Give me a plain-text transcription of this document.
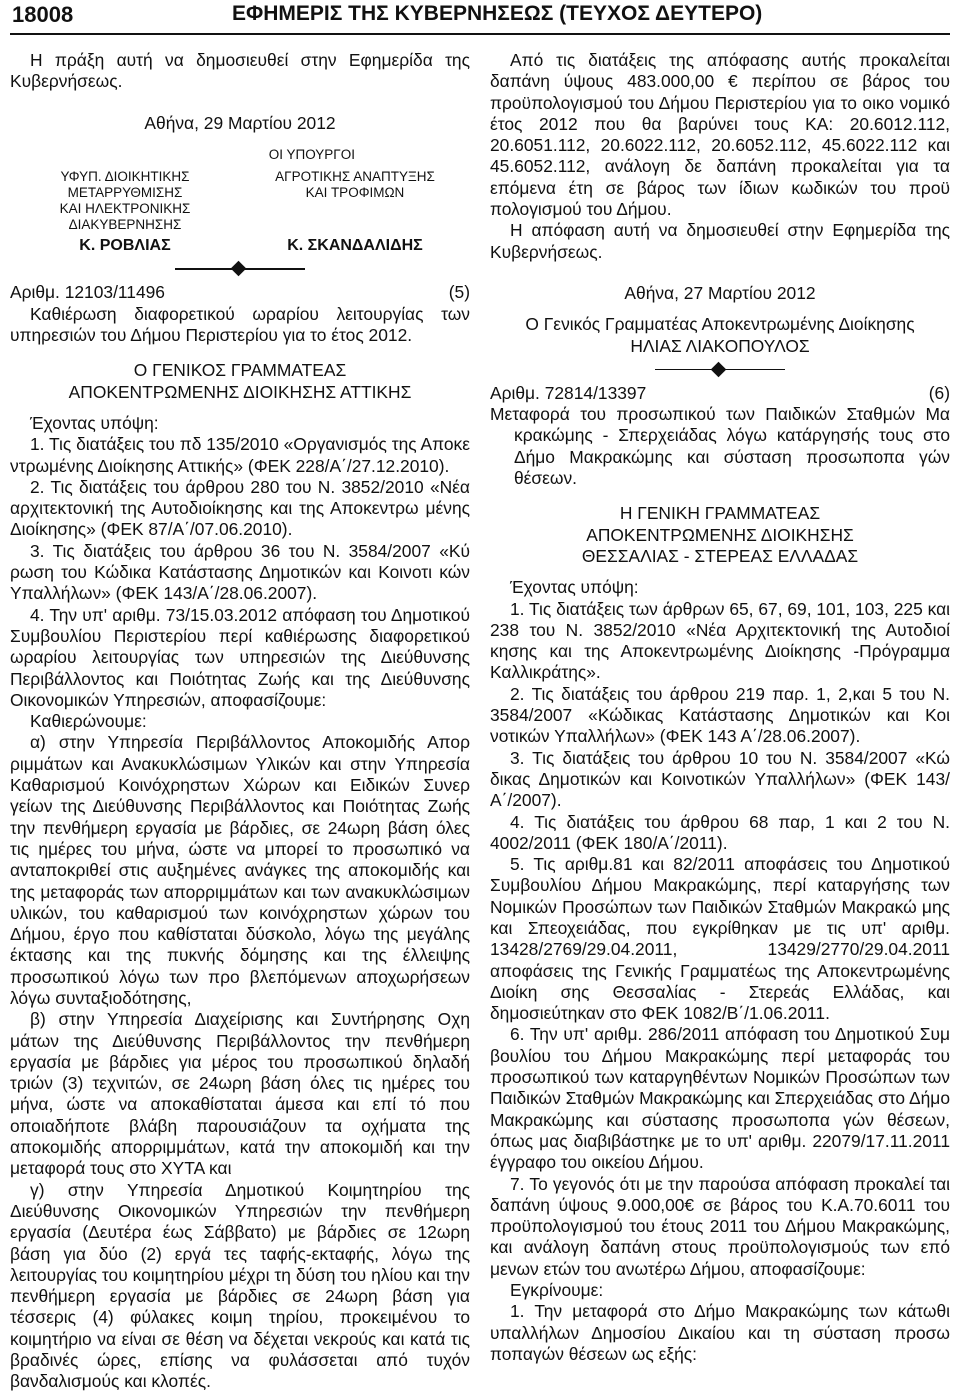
18008	ΕΦΗΜΕΡΙΣ ΤΗΣ ΚΥΒΕΡΝΗΣΕΩΣ (ΤΕΥΧΟΣ ΔΕΥΤΕΡΟ)

Η πράξη αυτή να δημοσιευθεί στην Εφημερίδα της Κυβερνήσεως.

Αθήνα, 29 Μαρτίου 2012

ΟΙ ΥΠΟΥΡΓΟΙ

ΥΦΥΠ. ΔΙΟΙΚΗΤΙΚΗΣ ΜΕΤΑΡΡΥΘΜΙΣΗΣ
ΚΑΙ ΗΛΕΚΤΡΟΝΙΚΗΣ ΔΙΑΚΥΒΕΡΝΗΣΗΣ
ΑΓΡΟΤΙΚΗΣ ΑΝΑΠΤΥΞΗΣ
ΚΑΙ ΤΡΟΦΙΜΩΝ
Κ. ΡΟΒΛΙΑΣ	Κ. ΣΚΑΝΔΑΛΙΔΗΣ

Αριθμ. 12103/11496	(5)

Καθιέρωση διαφορετικού ωραρίου λειτουργίας των υπηρεσιών του Δήμου Περιστερίου για το έτος 2012.

Ο ΓΕΝΙΚΟΣ ΓΡΑΜΜΑΤΕΑΣ
ΑΠΟΚΕΝΤΡΩΜΕΝΗΣ ΔΙΟΙΚΗΣΗΣ ΑΤΤΙΚΗΣ

Έχοντας υπόψη:

1. Τις διατάξεις του πδ 135/2010 «Οργανισμός της Αποκε ντρωμένης Διοίκησης Αττικής» (ΦΕΚ 228/Α΄/27.12.2010).

2. Τις διατάξεις του άρθρου 280 του Ν. 3852/2010 «Νέα αρχιτεκτονική της Αυτοδιοίκησης και της Αποκεντρω μένης Διοίκησης» (ΦΕΚ 87/Α΄/07.06.2010).

3. Τις διατάξεις του άρθρου 36 του Ν. 3584/2007 «Κύ ρωση του Κώδικα Κατάστασης Δημοτικών και Κοινοτι κών Υπαλλήλων» (ΦΕΚ 143/Α΄/28.06.2007).

4. Την υπ' αριθμ. 73/15.03.2012 απόφαση του Δημοτικού Συμβουλίου Περιστερίου περί καθιέρωσης διαφορετικού ωραρίου λειτουργίας των υπηρεσιών της Διεύθυνσης Περιβάλλοντος και Ποιότητας Ζωής και της Διεύθυνσης Οικονομικών Υπηρεσιών, αποφασίζουμε:

Καθιερώνουμε:

α) στην Υπηρεσία Περιβάλλοντος Αποκομιδής Απορ ριμμάτων και Ανακυκλώσιμων Υλικών και στην Υπηρεσία Καθαρισμού Κοινόχρηστων Χώρων και Ειδικών Συνερ γείων της Διεύθυνσης Περιβάλλοντος και Ποιότητας Ζωής την πενθήμερη εργασία με βάρδιες, σε 24ωρη βάση όλες τις ημέρες του μήνα, ώστε να μπορεί το προσωπικό να ανταποκριθεί στις αυξημένες ανάγκες της αποκομιδής και της μεταφοράς των απορριμμάτων και των ανακυκλώσιμων υλικών, του καθαρισμού των κοινόχρηστων χώρων του Δήμου, έργο που καθίσταται δύσκολο, λόγω της μεγάλης έκτασης και της πυκνής δόμησης και της έλλειψης προσωπικού λόγω των προ βλεπόμενων αποχωρήσεων λόγω συνταξιοδότησης,

β) στην Υπηρεσία Διαχείρισης και Συντήρησης Οχη μάτων της Διεύθυνσης Περιβάλλοντος την πενθήμερη εργασία με βάρδιες για μέρος του προσωπικού δηλαδή τριών (3) τεχνιτών, σε 24ωρη βάση όλες τις ημέρες του μήνα, ώστε να αποκαθίσταται άμεσα και επί τό που οποιαδήποτε βλάβη παρουσιάζουν τα οχήματα της αποκομιδής απορριμμάτων, κατά την αποκομιδή και την μεταφορά τους στο ΧΥΤΑ και

γ) στην Υπηρεσία Δημοτικού Κοιμητηρίου της Διεύθυνσης Οικονομικών Υπηρεσιών την πενθήμερη εργασία (Δευτέρα έως Σάββατο) με βάρδιες σε 12ωρη βάση για δύο (2) εργά τες ταφής-εκταφής, λόγω της λειτουργίας του κοιμητηρίου μέχρι τη δύση του ηλίου και την πενθήμερη εργασία με βάρδιες σε 24ωρη βάση για τέσσερις (4) φύλακες κοιμη τηρίου, προκειμένου το κοιμητήριο να είναι σε θέση να δέχεται νεκρούς και κατά τις βραδινές ώρες, επίσης να φυλάσσεται από τυχόν βανδαλισμούς και κλοπές.

Από τις διατάξεις της απόφασης αυτής προκαλείται δαπάνη ύψους 483.000,00 € περίπου σε βάρος του προϋπολογισμού του Δήμου Περιστερίου για το οικο νομικό έτος 2012 που θα βαρύνει τους ΚΑ: 20.6012.112, 20.6051.112, 20.6022.112, 20.6052.112, 45.6022.112 και 45.6052.112, ανάλογη δε δαπάνη προκαλείται για τα επόμενα έτη σε βάρος των ίδιων κωδικών του προϋ πολογισμού του Δήμου.

Η απόφαση αυτή να δημοσιευθεί στην Εφημερίδα της Κυβερνήσεως.

Αθήνα, 27 Μαρτίου 2012

Ο Γενικός Γραμματέας Αποκεντρωμένης Διοίκησης

ΗΛΙΑΣ ΛΙΑΚΟΠΟΥΛΟΣ

Αριθμ. 72814/13397	(6)

Μεταφορά του προσωπικού των Παιδικών Σταθμών Μα κρακώμης - Σπερχειάδας λόγω κατάργησής τους στο Δήμο Μακρακώμης και σύσταση προσωποπα γών θέσεων.

Η ΓΕΝΙΚΗ ΓΡΑΜΜΑΤΕΑΣ
ΑΠΟΚΕΝΤΡΩΜΕΝΗΣ ΔΙΟΙΚΗΣΗΣ
ΘΕΣΣΑΛΙΑΣ - ΣΤΕΡΕΑΣ ΕΛΛΑΔΑΣ

Έχοντας υπόψη:

1. Τις διατάξεις των άρθρων 65, 67, 69, 101, 103, 225 και 238 του Ν. 3852/2010 «Νέα Αρχιτεκτονική της Αυτοδιοί κησης και της Αποκεντρωμένης Διοίκησης -Πρόγραμμα Καλλικράτης».

2. Τις διατάξεις του άρθρου 219 παρ. 1, 2,και 5 του Ν. 3584/2007 «Κώδικας Κατάστασης Δημοτικών και Κοι νοτικών Υπαλλήλων» (ΦΕΚ 143 Α΄/28.06.2007).

3. Τις διατάξεις του άρθρου 10 του Ν. 3584/2007 «Κώ δικας Δημοτικών και Κοινοτικών Υπαλλήλων» (ΦΕΚ 143/ Α΄/2007).

4. Τις διατάξεις του άρθρου 68 παρ, 1 και 2 του Ν. 4002/2011 (ΦΕΚ 180/Α΄/2011).

5. Τις αριθμ.81 και 82/2011 αποφάσεις του Δημοτικού Συμβουλίου Δήμου Μακρακώμης, περί καταργήσης των Νομικών Προσώπων των Παιδικών Σταθμών Μακρακώ μης και Σπεοχειάδας, που εγκρίθηκαν με τις υπ' αριθμ. 13428/2769/29.04.2011, 13429/2770/29.04.2011 αποφάσεις της Γενικής Γραμματέως της Αποκεντρωμένης Διοίκη σης Θεσσαλίας - Στερεάς Ελλάδας, και δημοσιεύτηκαν στο ΦΕΚ 1082/Β΄/1.06.2011.

6. Την υπ' αριθμ. 286/2011 απόφαση του Δημοτικού Συμ βουλίου του Δήμου Μακρακώμης περί μεταφοράς του προσωπικού των καταργηθέντων Νομικών Προσώπων των Παιδικών Σταθμών Μακρακώμης και Σπερχειάδας στο Δήμο Μακρακώμης και σύστασης προσωποπα γών θέσεων, όπως μας διαβιβάστηκε με το υπ' αριθμ. 22079/17.11.2011 έγγραφο του οικείου Δήμου.

7. Το γεγονός ότι με την παρούσα απόφαση προκαλεί ται δαπάνη ύψους 9.000,00€ σε βάρος του Κ.Α.70.6011 του προϋπολογισμού του έτους 2011 του Δήμου Μακρακώμης, και ανάλογη δαπάνη στους προϋπολογισμούς των επό μενων ετών του ανωτέρω Δήμου, αποφασίζουμε:

Εγκρίνουμε:

1. Την μεταφορά στο Δήμο Μακρακώμης των κάτωθι υπαλλήλων Δημοσίου Δικαίου και τη σύσταση προσω ποπαγών θέσεων ως εξής:
